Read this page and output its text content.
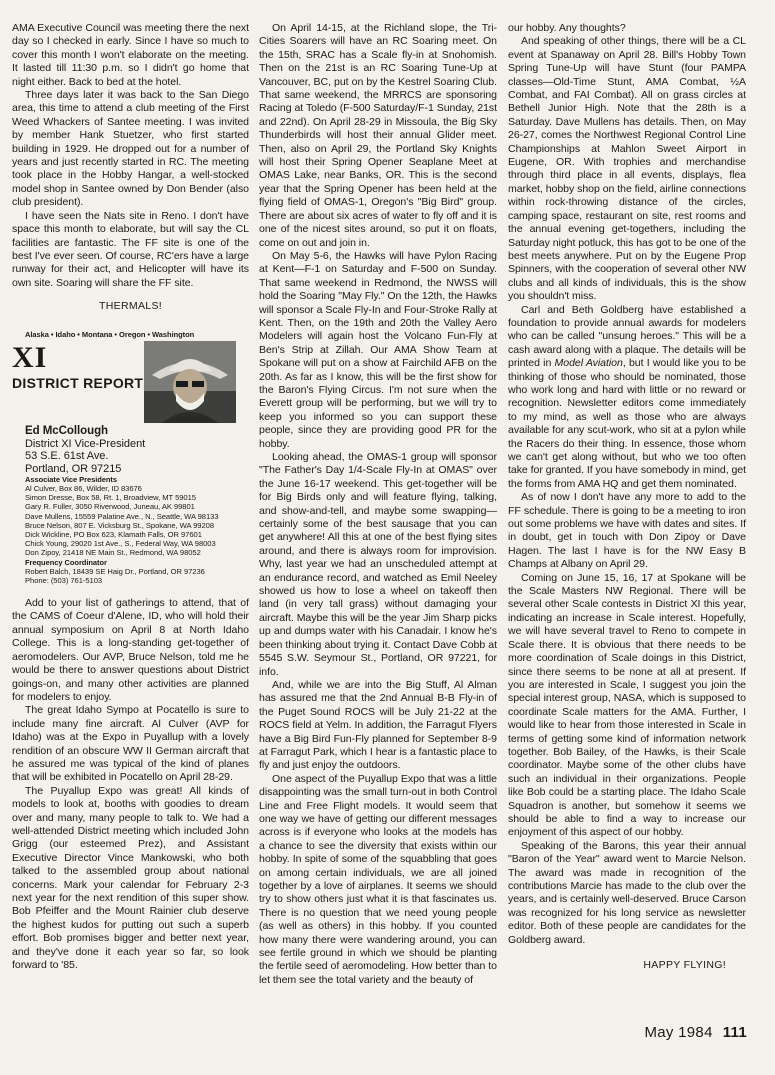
AMA Executive Council was meeting there the next day so I checked in early. Since I have so much to cover this month I won't elaborate on the meeting. It lasted till 11:30 p.m. so I didn't go home that night either. Back to bed at the hotel.

Three days later it was back to the San Diego area, this time to attend a club meeting of the First Weed Whackers of Santee meeting. I was invited by member Hank Stuetzer, who first started building in 1929. He dropped out for a number of years and just recently started in RC. The meeting took place in the Hobby Hangar, a well-stocked model shop in Santee owned by Don Bender (also club president).

I have seen the Nats site in Reno. I don't have space this month to elaborate, but will say the CL facilities are fantastic. The FF site is one of the best I've ever seen. Of course, RC'ers have a large runway for their act, and Helicopter will have its own site. Soaring will share the FF site.

THERMALS!

Alaska • Idaho • Montana • Oregon • Washington

XI
DISTRICT REPORT

Ed McCollough

District XI Vice-President

53 S.E. 61st Ave.

Portland, OR 97215

Associate Vice Presidents

Al Culver, Box 86, Wilder, ID 83676

Simon Dresse, Box 58, Rt. 1, Broadview, MT 59015

Gary R. Fuller, 3050 Riverwood, Juneau, AK 99801

Dave Mullens, 15559 Palatine Ave., N., Seattle, WA 98133

Bruce Nelson, 807 E. Vicksburg St., Spokane, WA 99208

Dick Wickline, PO Box 623, Klamath Falls, OR 97601

Chick Young, 29020 1st Ave., S., Federal Way, WA 98003

Don Zipoy, 21418 NE Main St., Redmond, WA 98052

Frequency Coordinator

Robert Balch, 18439 SE Haig Dr., Portland, OR 97236

Phone: (503) 761-5103

Add to your list of gatherings to attend, that of the CAMS of Coeur d'Alene, ID, who will hold their annual symposium on April 8 at North Idaho College. This is a long-standing get-together of aeromodelers. Our AVP, Bruce Nelson, told me he would be there to answer questions about District goings-on, and many other activities are planned for modelers to enjoy.

The great Idaho Sympo at Pocatello is sure to include many fine aircraft. Al Culver (AVP for Idaho) was at the Expo in Puyallup with a lovely rendition of an obscure WW II German aircraft that he assured me was typical of the kind of planes that will be exhibited in Pocatello on April 28-29.

The Puyallup Expo was great! All kinds of models to look at, booths with goodies to dream over and many, many people to talk to. We had a well-attended District meeting which included John Grigg (our esteemed Prez), and Assistant Executive Director Vince Mankowski, who both talked to the assembled group about national concerns. Mark your calendar for February 2-3 next year for the next rendition of this super show. Bob Pfeiffer and the Mount Rainier club deserve the highest kudos for putting out such a superb effort. Bob promises bigger and better next year, and they've done it each year so far, so look forward to '85.

On April 14-15, at the Richland slope, the Tri-Cities Soarers will have an RC Soaring meet. On the 15th, SRAC has a Scale fly-in at Snohomish. Then on the 21st is an RC Soaring Tune-Up at Vancouver, BC, put on by the Kestrel Soaring Club. That same weekend, the MRRCS are sponsoring Racing at Toledo (F-500 Saturday/F-1 Sunday, 21st and 22nd). On April 28-29 in Missoula, the Big Sky Thunderbirds will host their annual Glider meet. Then, also on April 29, the Portland Sky Knights will host their Spring Opener Seaplane Meet at OMAS Lake, near Banks, OR. This is the second year that the Spring Opener has been held at the flying field of OMAS-1, Oregon's "Big Bird" group. There are about six acres of water to fly off and it is one of the nicest sites around, so put it on floats, come on out and join in.

On May 5-6, the Hawks will have Pylon Racing at Kent—F-1 on Saturday and F-500 on Sunday. That same weekend in Redmond, the NWSS will hold the Soaring "May Fly." On the 12th, the Hawks will sponsor a Scale Fly-In and Four-Stroke Rally at Kent. Then, on the 19th and 20th the Valley Aero Modelers will again host the Volcano Fun-Fly at Ben's Strip at Zillah. Our AMA Show Team at Spokane will put on a show at Fairchild AFB on the 20th. As far as I know, this will be the first show for the Baron's Flying Circus. I'm not sure when the Everett group will be performing, but we will try to keep you informed so you can support these people, since they are providing good PR for the hobby.

Looking ahead, the OMAS-1 group will sponsor "The Father's Day 1/4-Scale Fly-In at OMAS" over the June 16-17 weekend. This get-together will be for Big Birds only and will feature flying, talking, and show-and-tell, and maybe some swapping—certainly some of the best sausage that you can get anywhere! All this at one of the best flying sites around, and there is always room for improvision. Why, last year we had an unscheduled attempt at an endurance record, and watched as Emil Neeley showed us how to lose a wheel on takeoff then land (in very tall grass) without damaging your aircraft. Maybe this will be the year Jim Sharp picks up and dumps water with his Canadair. I know he's been thinking about trying it. Contact Dave Cobb at 5545 S.W. Seymour St., Portland, OR 97221, for info.

And, while we are into the Big Stuff, Al Alman has assured me that the 2nd Annual B-B Fly-in of the Puget Sound ROCS will be July 21-22 at the ROCS field at Yelm. In addition, the Farragut Flyers have a Big Bird Fun-Fly planned for September 8-9 at Farragut Park, which I hear is a fantastic place to fly and just enjoy the outdoors.

One aspect of the Puyallup Expo that was a little disappointing was the small turn-out in both Control Line and Free Flight models. It would seem that one way we have of getting our different messages across is if everyone who looks at the models has a chance to see the diversity that exists within our hobby. In spite of some of the squabbling that goes on among certain individuals, we are all joined together by a love of airplanes. It seems we should try to show others just what it is that fascinates us. There is no question that we need young people (as well as others) in this hobby. If you counted how many there were wandering around, you can see fertile ground in which we should be planting the fertile seed of aeromodeling. How better than to let them see the total variety and the beauty of

our hobby. Any thoughts?

And speaking of other things, there will be a CL event at Spanaway on April 28. Bill's Hobby Town Spring Tune-Up will have Stunt (four PAMPA classes—Old-Time Stunt, AMA Combat, ½A Combat, and FAI Combat). All on grass circles at Bethell Junior High. Note that the 28th is a Saturday. Dave Mullens has details. Then, on May 26-27, comes the Northwest Regional Control Line Championships at Mahlon Sweet Airport in Eugene, OR. With trophies and merchandise through third place in all events, displays, flea market, hobby shop on the field, airline connections within rock-throwing distance of the circles, camping space, restaurant on site, rest rooms and the annual evening get-togethers, including the Saturday night potluck, this has got to be one of the best meets anywhere. Put on by the Eugene Prop Spinners, with the cooperation of several other NW clubs and all kinds of individuals, this is the show you shouldn't miss.

Carl and Beth Goldberg have established a foundation to provide annual awards for modelers who can be called "unsung heroes." This will be a cash award along with a plaque. The details will be printed in Model Aviation, but I would like you to be thinking of those who should be nominated, those who work long and hard with little or no reward or recognition. Newsletter editors come immediately to my mind, as well as those who are always available for any scut-work, who sit at a pylon while the Racers do their thing. In essence, those whom we can't get along without, but who we too often take for granted. If you have somebody in mind, get the forms from AMA HQ and get them nominated.

As of now I don't have any more to add to the FF schedule. There is going to be a meeting to iron out some problems we have with dates and sites. If in doubt, get in touch with Don Zipoy or Dave Hagen. The last I have is for the NW Easy B Champs at Albany on April 29.

Coming on June 15, 16, 17 at Spokane will be the Scale Masters NW Regional. There will be several other Scale contests in District XI this year, indicating an increase in Scale interest. Hopefully, we will have several travel to Reno to compete in Scale there. It is obvious that there needs to be more coordination of Scale doings in this District, since there seems to be none at all at present. If you are interested in Scale, I suggest you join the special interest group, NASA, which is supposed to coordinate Scale matters for the AMA. Further, I would like to hear from those interested in Scale in terms of getting some kind of information network together. Bob Bailey, of the Hawks, is their Scale coordinator. Maybe some of the other clubs have such an individual in their organizations. People like Bob could be a starting place. The Idaho Scale Squadron is another, but somehow it seems we should be able to find a way to increase our enjoyment of this aspect of our hobby.

Speaking of the Barons, this year their annual "Baron of the Year" award went to Marcie Nelson. The award was made in recognition of the contributions Marcie has made to the club over the years, and is certainly well-deserved. Bruce Carson was recognized for his long service as newsletter editor. Both of these people are candidates for the Goldberg award.

HAPPY FLYING!

May 1984 111
